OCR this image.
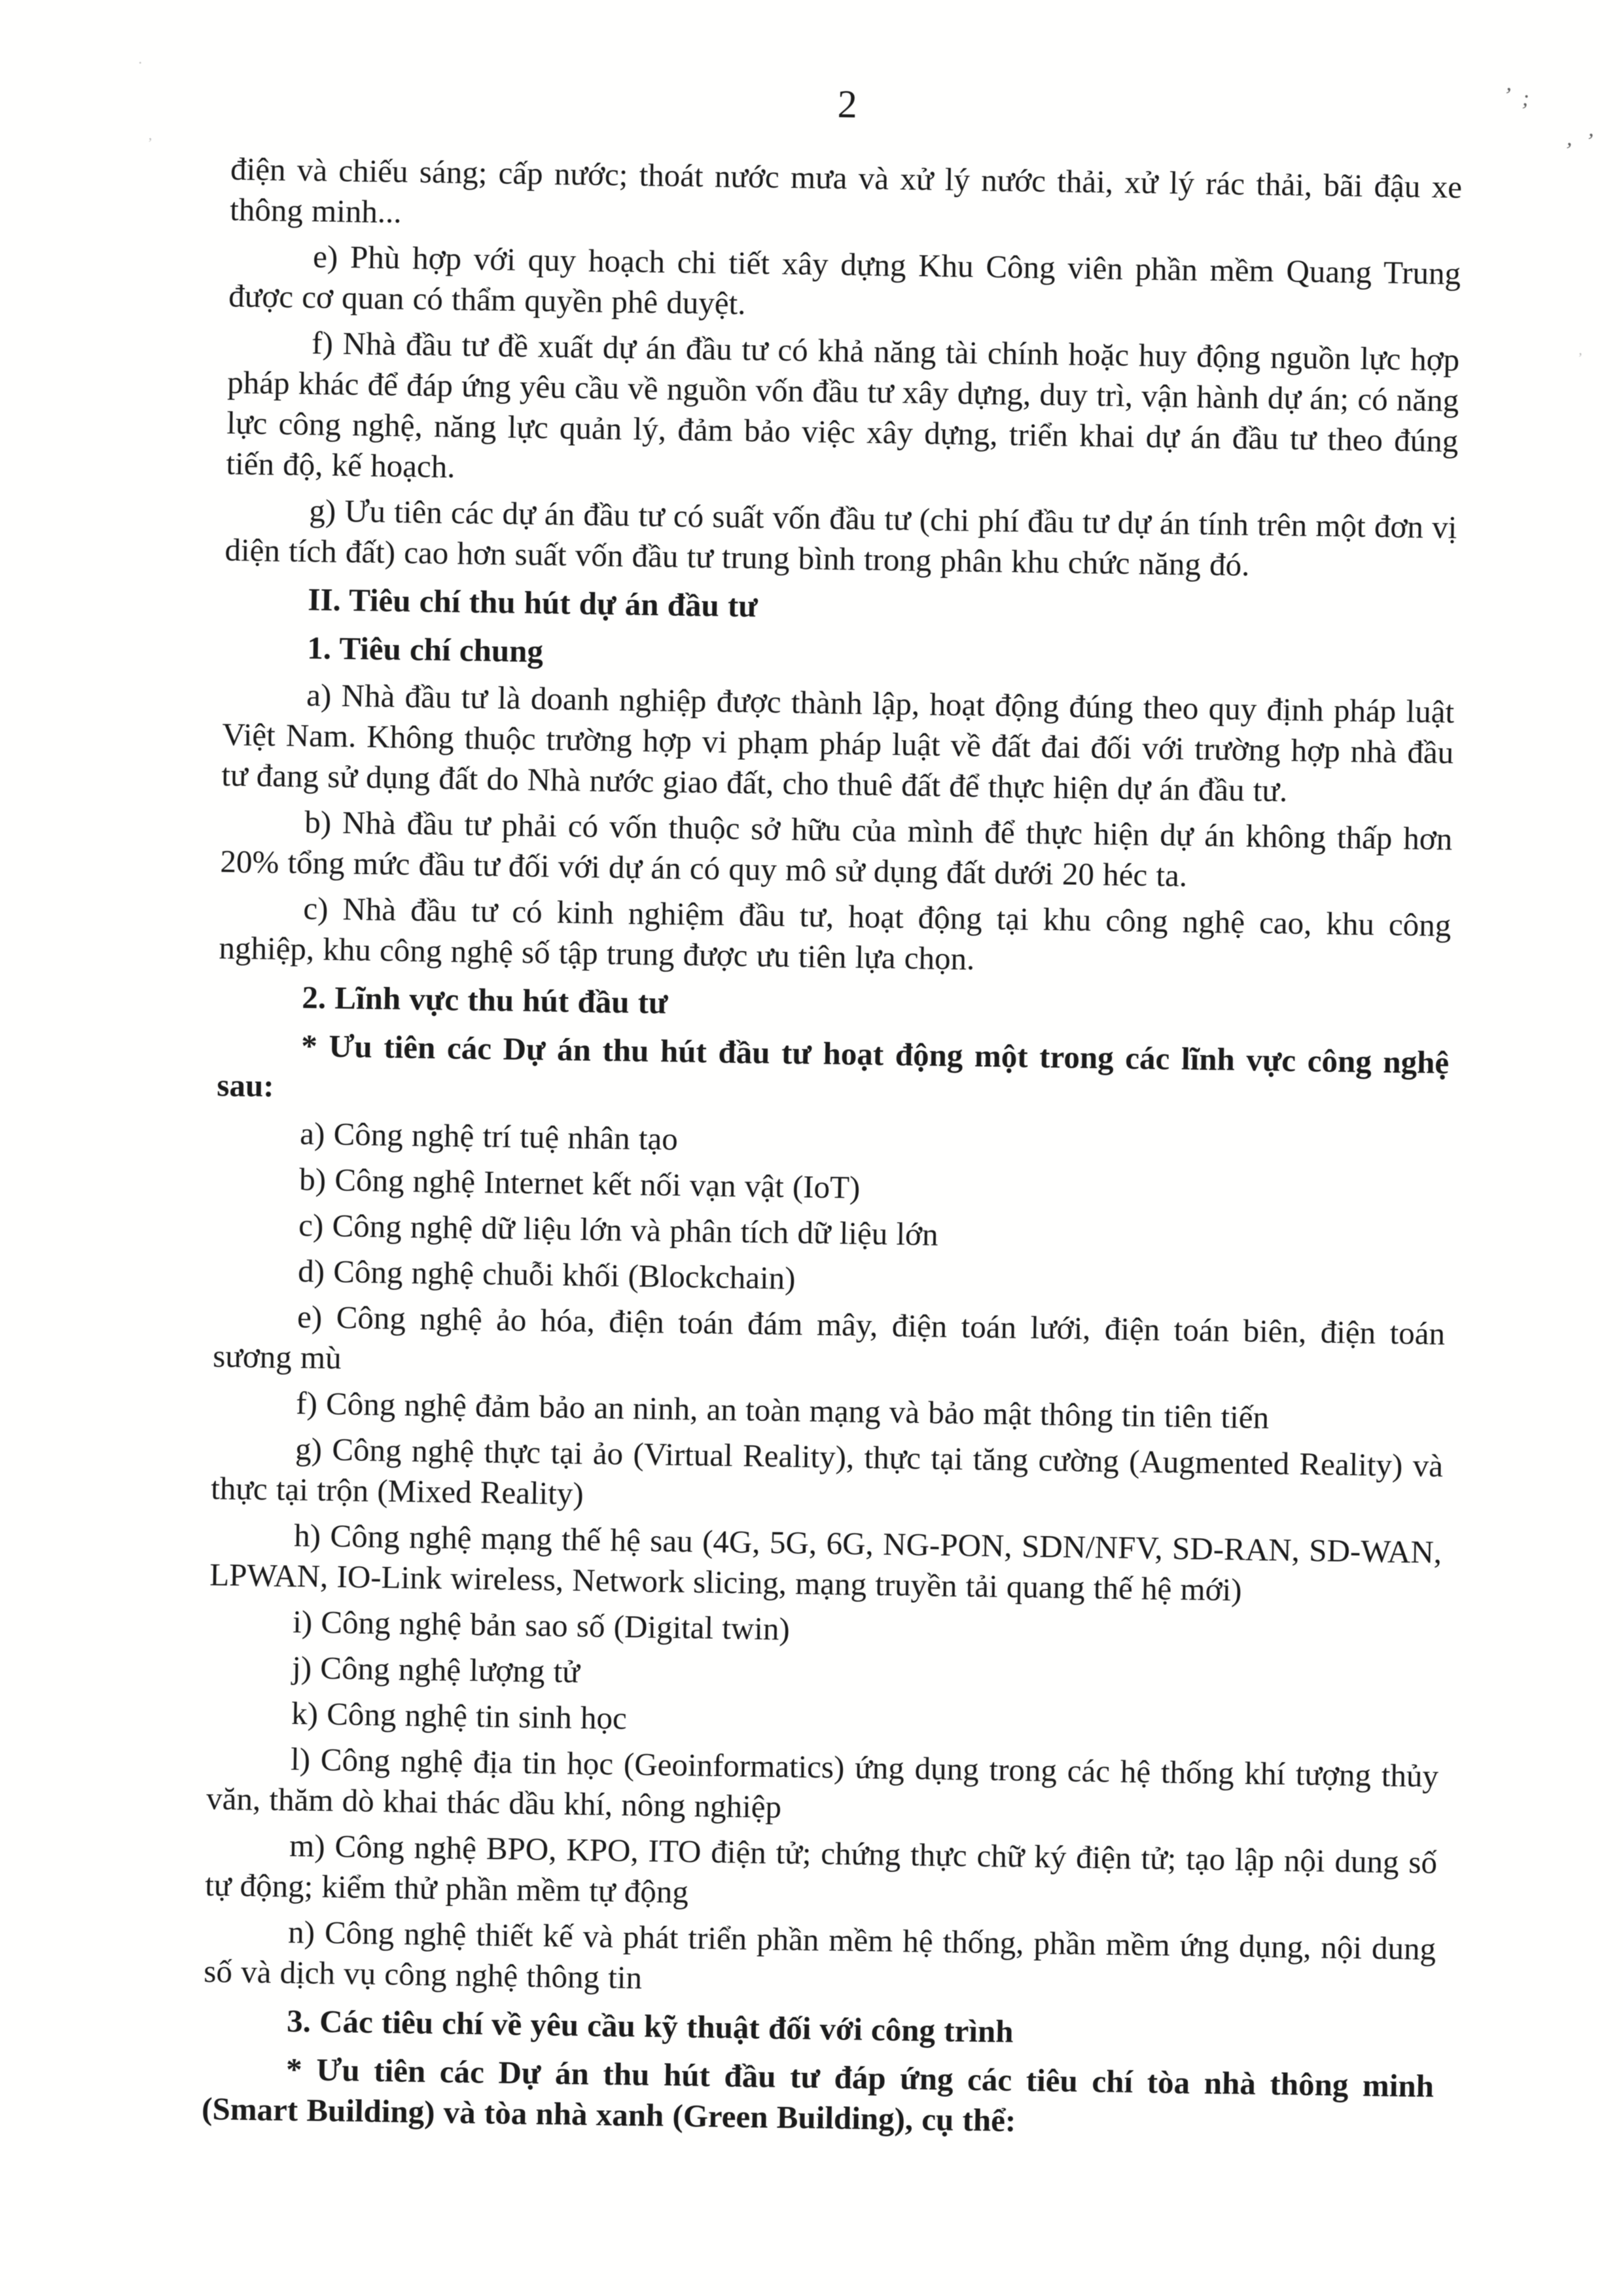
2

điện và chiếu sáng; cấp nước; thoát nước mưa và xử lý nước thải, xử lý rác thải, bãi đậu xe thông minh...

e) Phù hợp với quy hoạch chi tiết xây dựng Khu Công viên phần mềm Quang Trung được cơ quan có thẩm quyền phê duyệt.

f) Nhà đầu tư đề xuất dự án đầu tư có khả năng tài chính hoặc huy động nguồn lực hợp pháp khác để đáp ứng yêu cầu về nguồn vốn đầu tư xây dựng, duy trì, vận hành dự án; có năng lực công nghệ, năng lực quản lý, đảm bảo việc xây dựng, triển khai dự án đầu tư theo đúng tiến độ, kế hoạch.

g) Ưu tiên các dự án đầu tư có suất vốn đầu tư (chi phí đầu tư dự án tính trên một đơn vị diện tích đất) cao hơn suất vốn đầu tư trung bình trong phân khu chức năng đó.

II. Tiêu chí thu hút dự án đầu tư

1. Tiêu chí chung

a) Nhà đầu tư là doanh nghiệp được thành lập, hoạt động đúng theo quy định pháp luật Việt Nam. Không thuộc trường hợp vi phạm pháp luật về đất đai đối với trường hợp nhà đầu tư đang sử dụng đất do Nhà nước giao đất, cho thuê đất để thực hiện dự án đầu tư.

b) Nhà đầu tư phải có vốn thuộc sở hữu của mình để thực hiện dự án không thấp hơn 20% tổng mức đầu tư đối với dự án có quy mô sử dụng đất dưới 20 héc ta.

c) Nhà đầu tư có kinh nghiệm đầu tư, hoạt động tại khu công nghệ cao, khu công nghiệp, khu công nghệ số tập trung được ưu tiên lựa chọn.

2. Lĩnh vực thu hút đầu tư

* Ưu tiên các Dự án thu hút đầu tư hoạt động một trong các lĩnh vực công nghệ sau:

a) Công nghệ trí tuệ nhân tạo

b) Công nghệ Internet kết nối vạn vật (IoT)

c) Công nghệ dữ liệu lớn và phân tích dữ liệu lớn

d) Công nghệ chuỗi khối (Blockchain)

e) Công nghệ ảo hóa, điện toán đám mây, điện toán lưới, điện toán biên, điện toán sương mù

f) Công nghệ đảm bảo an ninh, an toàn mạng và bảo mật thông tin tiên tiến

g) Công nghệ thực tại ảo (Virtual Reality), thực tại tăng cường (Augmented Reality) và thực tại trộn (Mixed Reality)

h) Công nghệ mạng thế hệ sau (4G, 5G, 6G, NG-PON, SDN/NFV, SD-RAN, SD-WAN, LPWAN, IO-Link wireless, Network slicing, mạng truyền tải quang thế hệ mới)

i) Công nghệ bản sao số (Digital twin)

j) Công nghệ lượng tử

k) Công nghệ tin sinh học

l) Công nghệ địa tin học (Geoinformatics) ứng dụng trong các hệ thống khí tượng thủy văn, thăm dò khai thác dầu khí, nông nghiệp

m) Công nghệ BPO, KPO, ITO điện tử; chứng thực chữ ký điện tử; tạo lập nội dung số tự động; kiểm thử phần mềm tự động

n) Công nghệ thiết kế và phát triển phần mềm hệ thống, phần mềm ứng dụng, nội dung số và dịch vụ công nghệ thông tin

3. Các tiêu chí về yêu cầu kỹ thuật đối với công trình

* Ưu tiên các Dự án thu hút đầu tư đáp ứng các tiêu chí tòa nhà thông minh (Smart Building) và tòa nhà xanh (Green Building), cụ thể:

’ ;
, ’
·
,
,
